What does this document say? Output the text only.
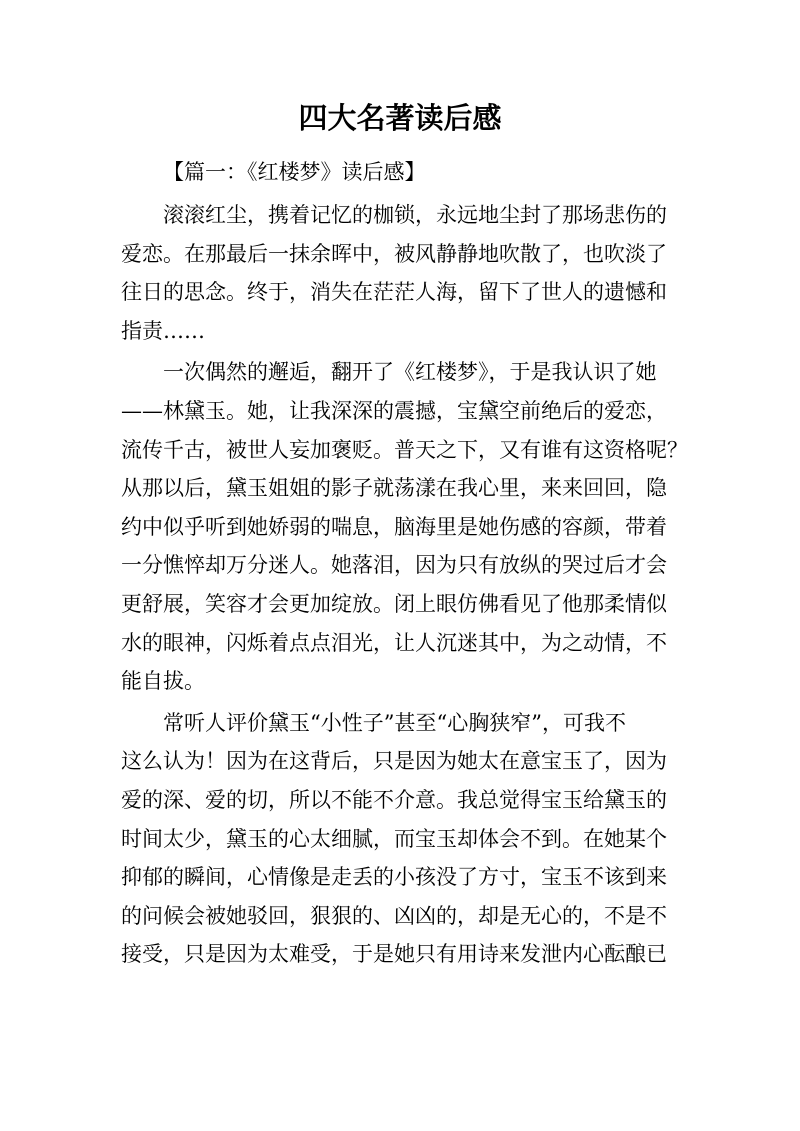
四大名著读后感

【篇一：《红楼梦》读后感】

滚滚红尘，携着记忆的枷锁，永远地尘封了那场悲伤的
爱恋。在那最后一抹余晖中，被风静静地吹散了，也吹淡了
往日的思念。终于，消失在茫茫人海，留下了世人的遗憾和
指责……

一次偶然的邂逅，翻开了《红楼梦》，于是我认识了她
——林黛玉。她，让我深深的震撼，宝黛空前绝后的爱恋，
流传千古，被世人妄加褒贬。普天之下，又有谁有这资格呢？
从那以后，黛玉姐姐的影子就荡漾在我心里，来来回回，隐
约中似乎听到她娇弱的喘息，脑海里是她伤感的容颜，带着
一分憔悴却万分迷人。她落泪，因为只有放纵的哭过后才会
更舒展，笑容才会更加绽放。闭上眼仿佛看见了他那柔情似
水的眼神，闪烁着点点泪光，让人沉迷其中，为之动情，不
能自拔。

常听人评价黛玉“小性子”甚至“心胸狭窄”，可我不
这么认为！因为在这背后，只是因为她太在意宝玉了，因为
爱的深、爱的切，所以不能不介意。我总觉得宝玉给黛玉的
时间太少，黛玉的心太细腻，而宝玉却体会不到。在她某个
抑郁的瞬间，心情像是走丢的小孩没了方寸，宝玉不该到来
的问候会被她驳回，狠狠的、凶凶的，却是无心的，不是不
接受，只是因为太难受，于是她只有用诗来发泄内心酝酿已
